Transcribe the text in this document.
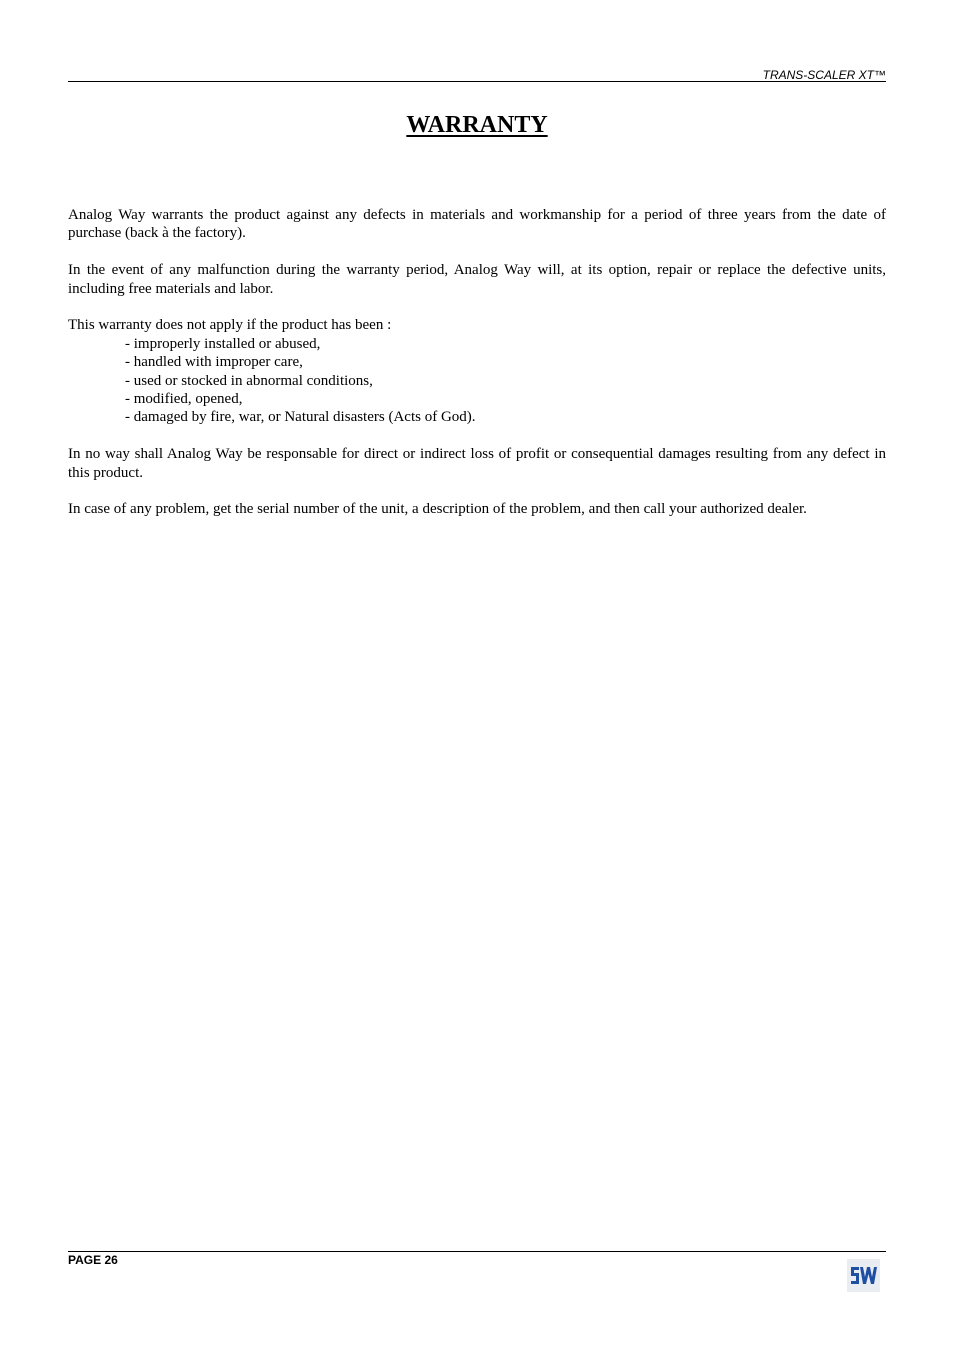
TRANS-SCALER XT™
WARRANTY

Analog Way warrants the product against any defects in materials and workmanship for a period of three years from the date of purchase (back à the factory).

In the event of any malfunction during the warranty period, Analog Way will, at its option, repair or replace the defective units, including free materials and labor.

This warranty does not apply if the product has been :

- improperly installed or abused,
- handled with improper care,
- used or stocked in abnormal conditions,
- modified, opened,
- damaged by fire, war, or Natural disasters (Acts of God).

In no way shall Analog Way be responsable for direct or indirect loss of profit or consequential damages resulting from any defect in this product.

In case of any problem, get the serial number of the unit, a description of the problem, and then call your authorized dealer.

PAGE 26
